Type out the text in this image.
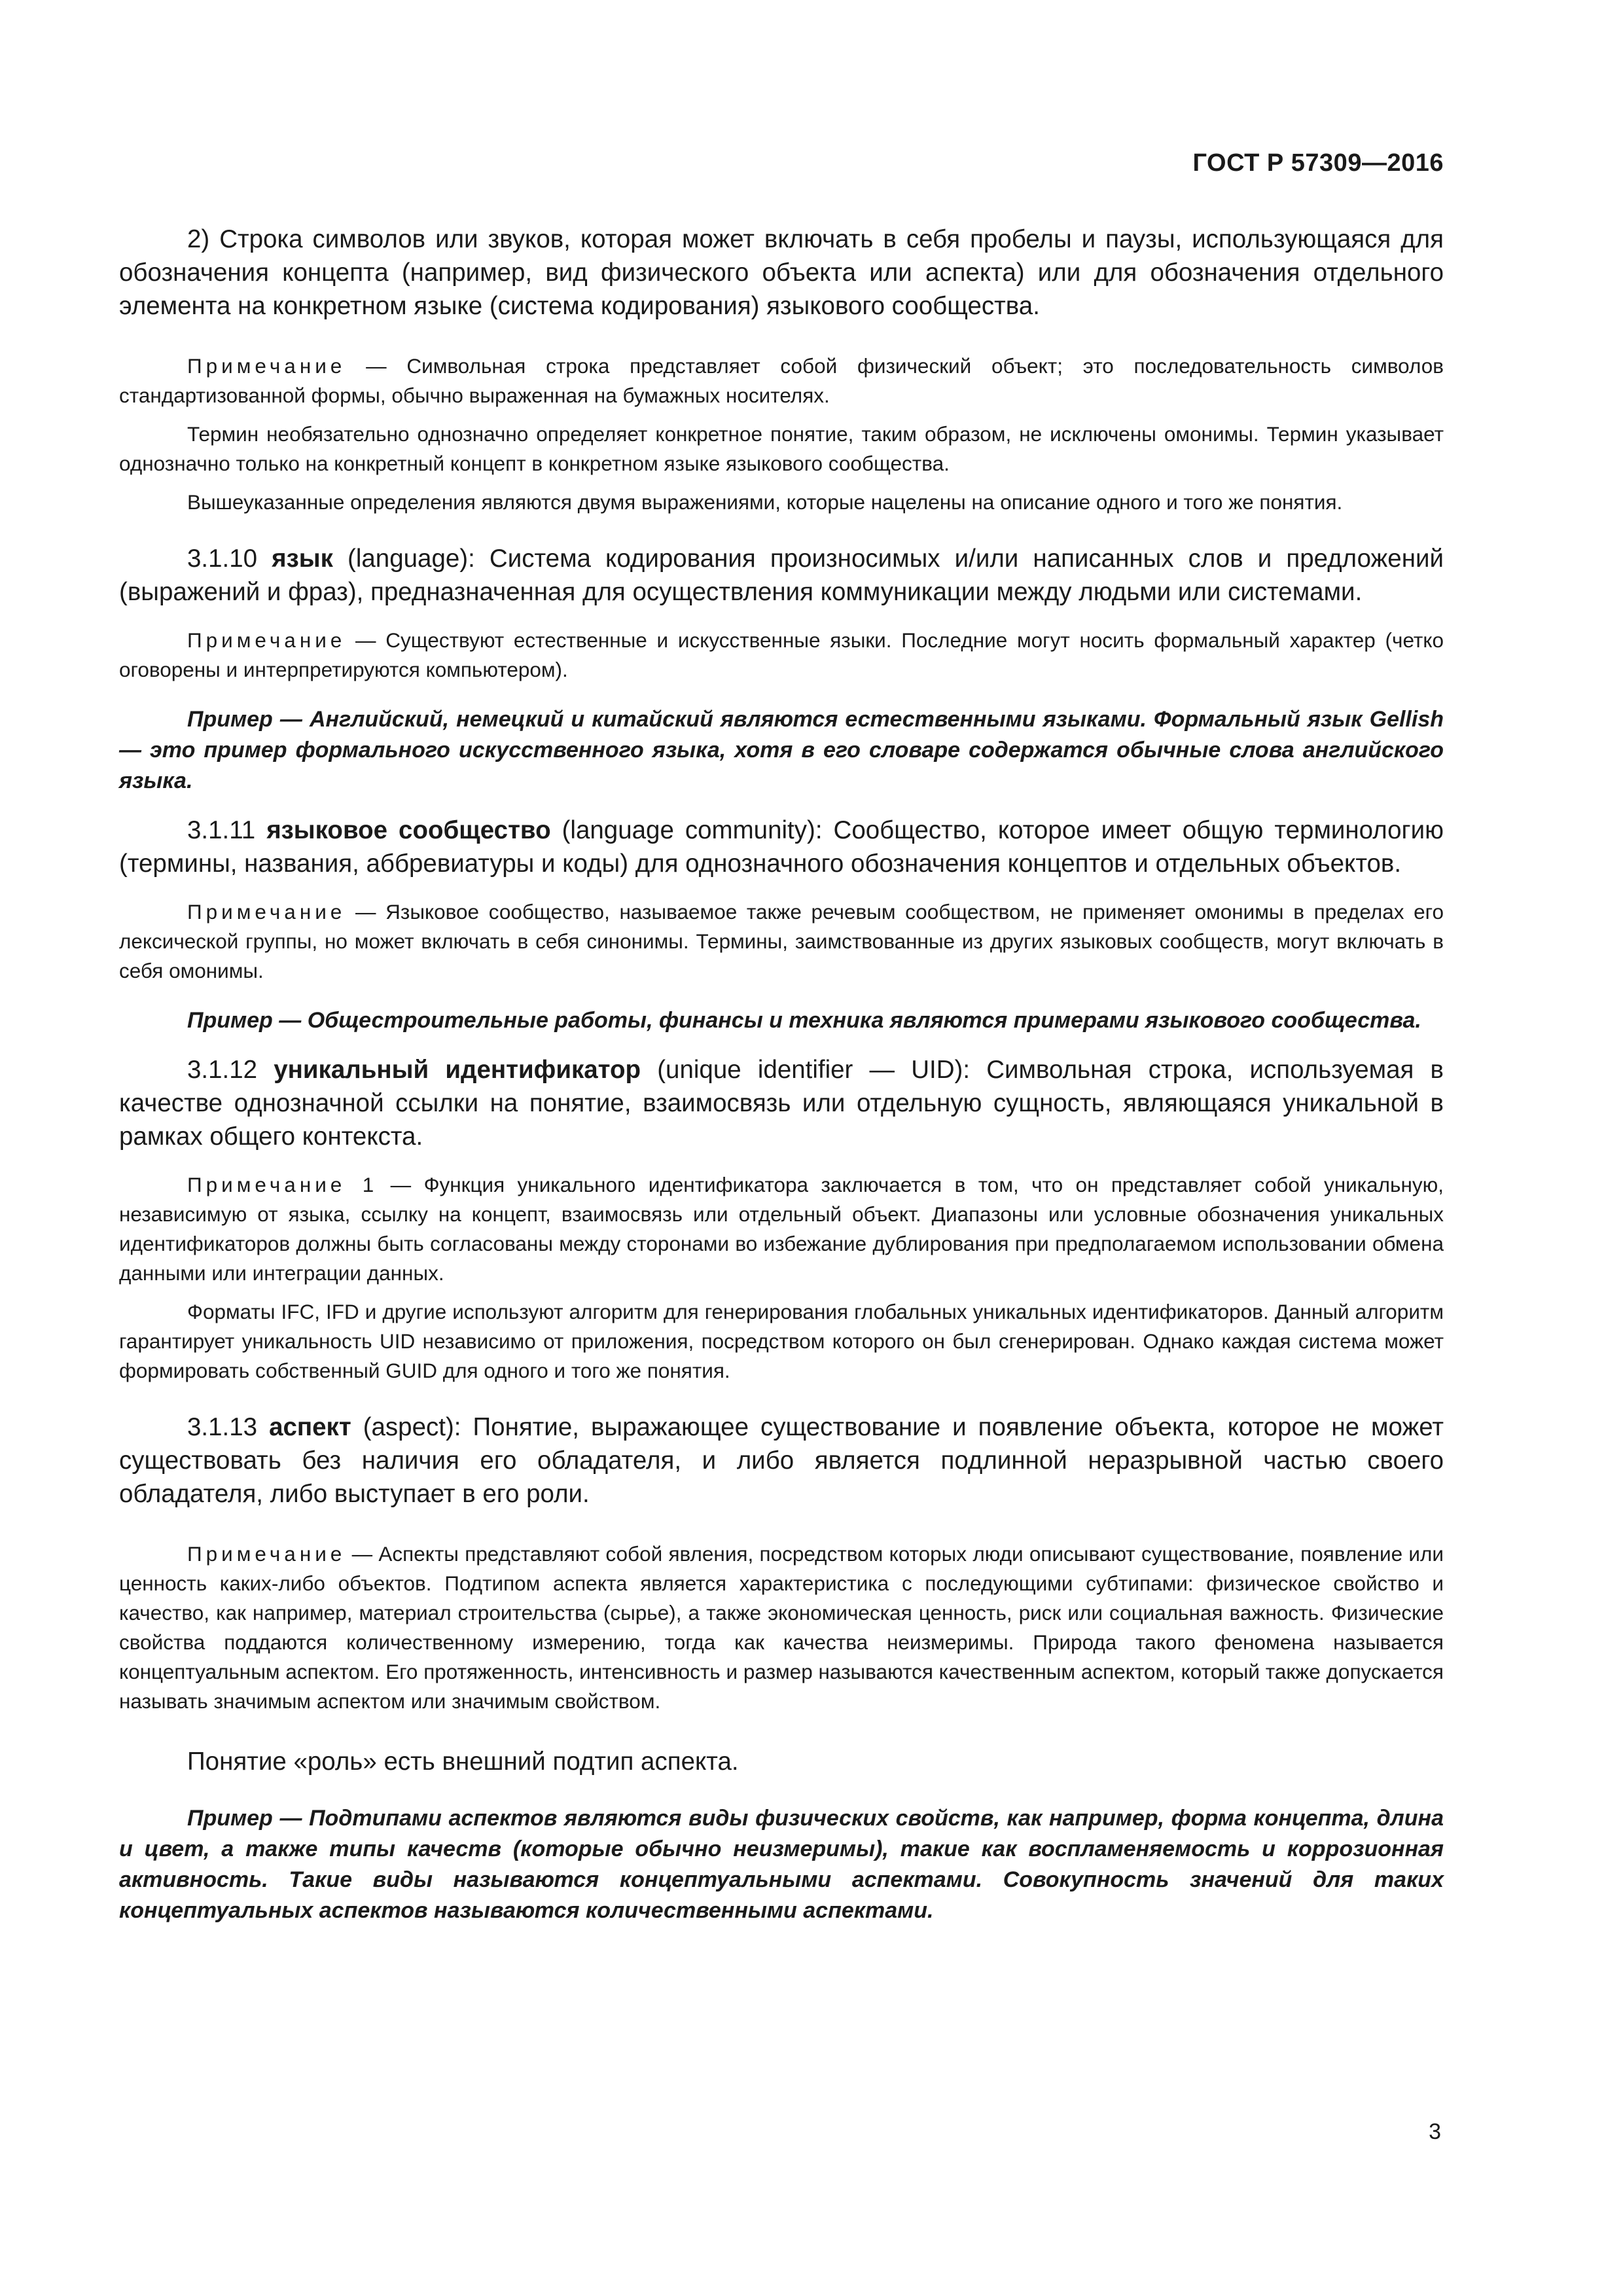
ГОСТ Р 57309—2016

2) Строка символов или звуков, которая может включать в себя пробелы и паузы, использующаяся для обозначения концепта (например, вид физического объекта или аспекта) или для обозначения отдельного элемента на конкретном языке (система кодирования) языкового сообщества.

Примечание — Символьная строка представляет собой физический объект; это последовательность символов стандартизованной формы, обычно выраженная на бумажных носителях.

Термин необязательно однозначно определяет конкретное понятие, таким образом, не исключены омонимы. Термин указывает однозначно только на конкретный концепт в конкретном языке языкового сообщества.

Вышеуказанные определения являются двумя выражениями, которые нацелены на описание одного и того же понятия.

3.1.10 язык (language): Система кодирования произносимых и/или написанных слов и предложений (выражений и фраз), предназначенная для осуществления коммуникации между людьми или системами.

Примечание — Существуют естественные и искусственные языки. Последние могут носить формальный характер (четко оговорены и интерпретируются компьютером).

Пример — Английский, немецкий и китайский являются естественными языками. Формальный язык Gellish — это пример формального искусственного языка, хотя в его словаре содержатся обычные слова английского языка.

3.1.11 языковое сообщество (language community): Сообщество, которое имеет общую терминологию (термины, названия, аббревиатуры и коды) для однозначного обозначения концептов и отдельных объектов.

Примечание — Языковое сообщество, называемое также речевым сообществом, не применяет омонимы в пределах его лексической группы, но может включать в себя синонимы. Термины, заимствованные из других языковых сообществ, могут включать в себя омонимы.

Пример — Общестроительные работы, финансы и техника являются примерами языкового сообщества.

3.1.12 уникальный идентификатор (unique identifier — UID): Символьная строка, используемая в качестве однозначной ссылки на понятие, взаимосвязь или отдельную сущность, являющаяся уникальной в рамках общего контекста.

Примечание 1 — Функция уникального идентификатора заключается в том, что он представляет собой уникальную, независимую от языка, ссылку на концепт, взаимосвязь или отдельный объект. Диапазоны или условные обозначения уникальных идентификаторов должны быть согласованы между сторонами во избежание дублирования при предполагаемом использовании обмена данными или интеграции данных.

Форматы IFC, IFD и другие используют алгоритм для генерирования глобальных уникальных идентификаторов. Данный алгоритм гарантирует уникальность UID независимо от приложения, посредством которого он был сгенерирован. Однако каждая система может формировать собственный GUID для одного и того же понятия.

3.1.13 аспект (aspect): Понятие, выражающее существование и появление объекта, которое не может существовать без наличия его обладателя, и либо является подлинной неразрывной частью своего обладателя, либо выступает в его роли.

Примечание — Аспекты представляют собой явления, посредством которых люди описывают существование, появление или ценность каких-либо объектов. Подтипом аспекта является характеристика с последующими субтипами: физическое свойство и качество, как например, материал строительства (сырье), а также экономическая ценность, риск или социальная важность. Физические свойства поддаются количественному измерению, тогда как качества неизмеримы. Природа такого феномена называется концептуальным аспектом. Его протяженность, интенсивность и размер называются качественным аспектом, который также допускается называть значимым аспектом или значимым свойством.

Понятие «роль» есть внешний подтип аспекта.

Пример — Подтипами аспектов являются виды физических свойств, как например, форма концепта, длина и цвет, а также типы качеств (которые обычно неизмеримы), такие как воспламеняемость и коррозионная активность. Такие виды называются концептуальными аспектами. Совокупность значений для таких концептуальных аспектов называются количественными аспектами.

3
